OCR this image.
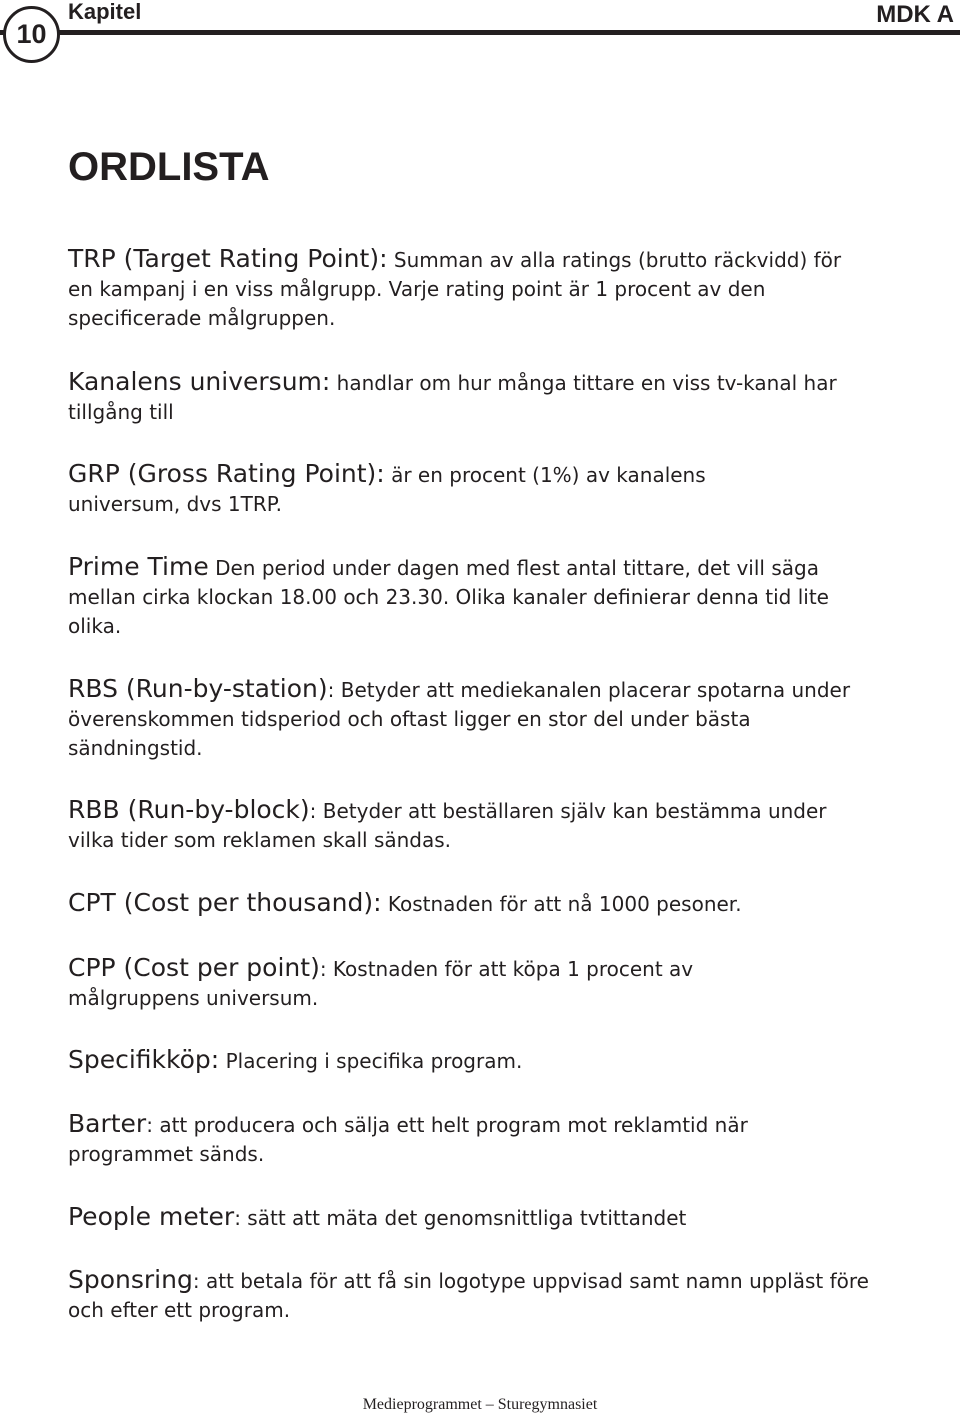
10
Kapitel	MDK A
ORDLISTA

TRP (Target Rating Point): Summan av alla ratings (brutto räckvidd) för en kampanj i en viss målgrupp. Varje rating point är 1 procent av den specificerade målgruppen.

Kanalens universum: handlar om hur många tittare en viss tv-kanal har tillgång till

GRP (Gross Rating Point): är en procent (1%) av kanalens universum, dvs 1TRP.

Prime Time Den period under dagen med flest antal tittare, det vill säga mellan cirka klockan 18.00 och 23.30. Olika kanaler definierar denna tid lite olika.

RBS (Run-by-station): Betyder att mediekanalen placerar spotarna under överenskommen tidsperiod och oftast ligger en stor del under bästa sändningstid.

RBB (Run-by-block): Betyder att beställaren själv kan bestämma under vilka tider som reklamen skall sändas.

CPT (Cost per thousand): Kostnaden för att nå 1000 pesoner.

CPP (Cost per point): Kostnaden för att köpa 1 procent av målgruppens universum.

Specifikköp: Placering i specifika program.

Barter: att producera och sälja ett helt program mot reklamtid när programmet sänds.

People meter: sätt att mäta det genomsnittliga tvtittandet

Sponsring: att betala för att få sin logotype uppvisad samt namn uppläst före och efter ett program.

Medieprogrammet – Sturegymnasiet
